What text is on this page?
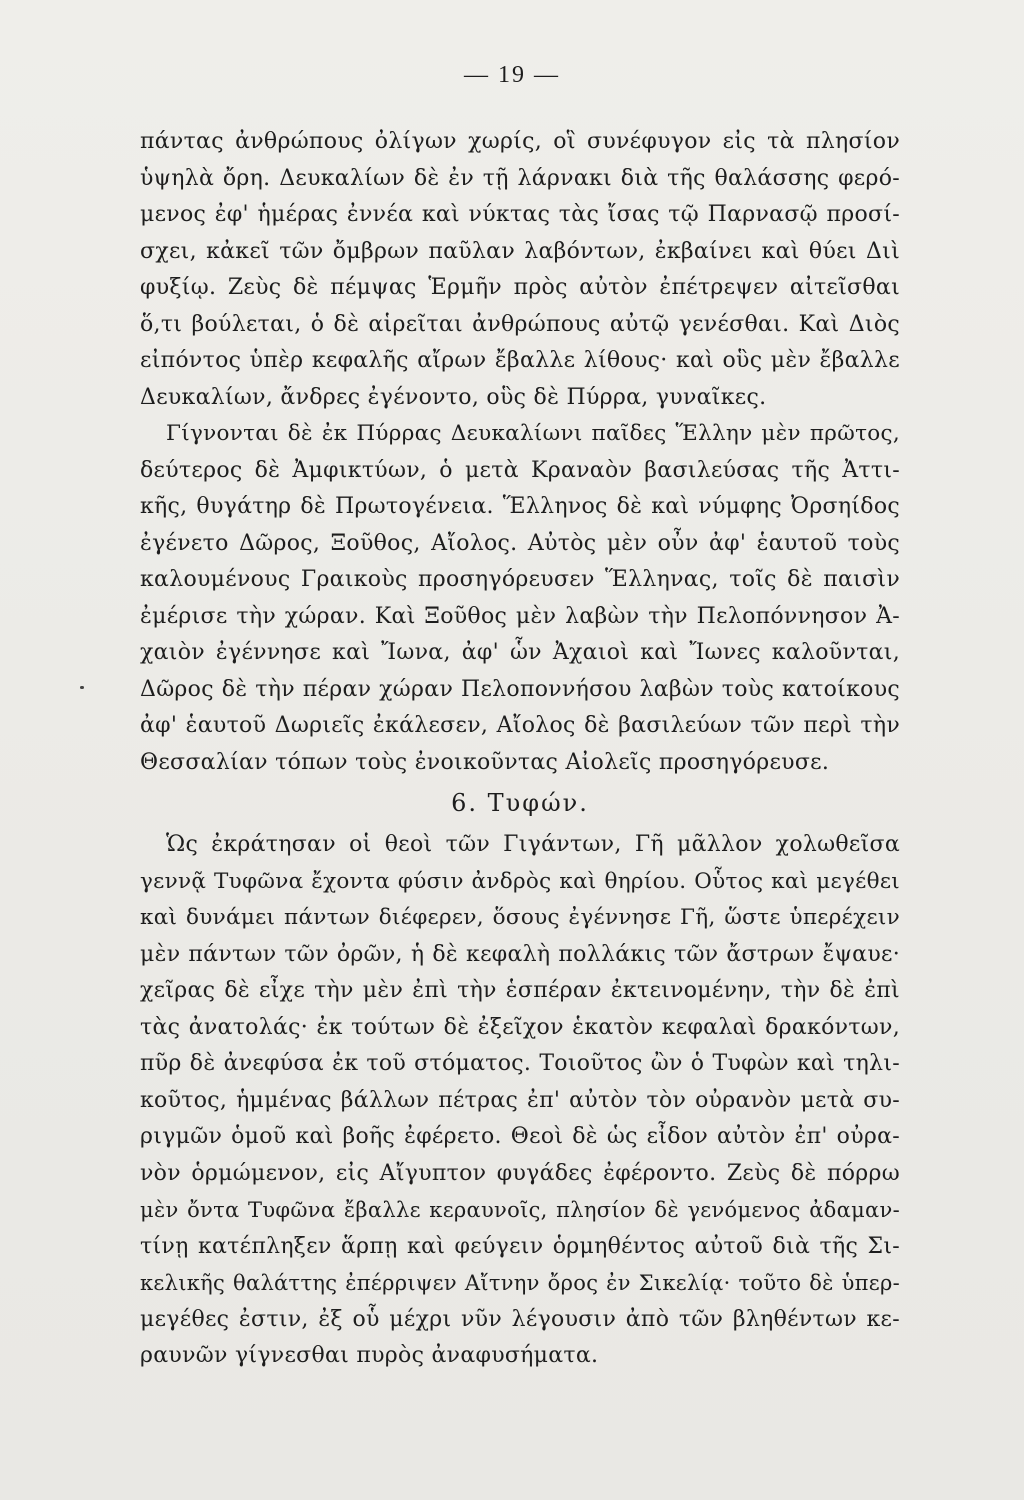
— 19 —
πάντας ἀνθρώπους ὀλίγων χωρίς, οἳ συνέφυγον εἰς τὰ πλησίον
ὑψηλὰ ὄρη. Δευκαλίων δὲ ἐν τῇ λάρνακι διὰ τῆς θαλάσσης φερό-
μενος ἐφ' ἡμέρας ἐννέα καὶ νύκτας τὰς ἴσας τῷ Παρνασῷ προσί-
σχει, κἀκεῖ τῶν ὄμβρων παῦλαν λαβόντων, ἐκβαίνει καὶ θύει Διὶ
φυξίῳ. Ζεὺς δὲ πέμψας Ἑρμῆν πρὸς αὐτὸν ἐπέτρεψεν αἰτεῖσθαι
ὅ,τι βούλεται, ὁ δὲ αἱρεῖται ἀνθρώπους αὐτῷ γενέσθαι. Καὶ Διὸς
εἰπόντος ὑπὲρ κεφαλῆς αἴρων ἔβαλλε λίθους· καὶ οὓς μὲν ἔβαλλε
Δευκαλίων, ἄνδρες ἐγένοντο, οὓς δὲ Πύρρα, γυναῖκες.
Γίγνονται δὲ ἐκ Πύρρας Δευκαλίωνι παῖδες Ἕλλην μὲν πρῶτος,
δεύτερος δὲ Ἀμφικτύων, ὁ μετὰ Κραναὸν βασιλεύσας τῆς Ἀττι-
κῆς, θυγάτηρ δὲ Πρωτογένεια. Ἕλληνος δὲ καὶ νύμφης Ὀρσηίδος
ἐγένετο Δῶρος, Ξοῦθος, Αἴολος. Αὐτὸς μὲν οὖν ἀφ' ἑαυτοῦ τοὺς
καλουμένους Γραικοὺς προσηγόρευσεν Ἕλληνας, τοῖς δὲ παισὶν
ἐμέρισε τὴν χώραν. Καὶ Ξοῦθος μὲν λαβὼν τὴν Πελοπόννησον Ἀ-
χαιὸν ἐγέννησε καὶ Ἴωνα, ἀφ' ὧν Ἀχαιοὶ καὶ Ἴωνες καλοῦνται,
Δῶρος δὲ τὴν πέραν χώραν Πελοποννήσου λαβὼν τοὺς κατοίκους
ἀφ' ἑαυτοῦ Δωριεῖς ἐκάλεσεν, Αἴολος δὲ βασιλεύων τῶν περὶ τὴν
Θεσσαλίαν τόπων τοὺς ἐνοικοῦντας Αἰολεῖς προσηγόρευσε.
6. Τυφών.
Ὡς ἐκράτησαν οἱ θεοὶ τῶν Γιγάντων, Γῆ μᾶλλον χολωθεῖσα
γεννᾷ Τυφῶνα ἔχοντα φύσιν ἀνδρὸς καὶ θηρίου. Οὗτος καὶ μεγέθει
καὶ δυνάμει πάντων διέφερεν, ὅσους ἐγέννησε Γῆ, ὥστε ὑπερέχειν
μὲν πάντων τῶν ὀρῶν, ἡ δὲ κεφαλὴ πολλάκις τῶν ἄστρων ἔψαυε·
χεῖρας δὲ εἶχε τὴν μὲν ἐπὶ τὴν ἑσπέραν ἐκτεινομένην, τὴν δὲ ἐπὶ
τὰς ἀνατολάς· ἐκ τούτων δὲ ἐξεῖχον ἑκατὸν κεφαλαὶ δρακόντων,
πῦρ δὲ ἀνεφύσα ἐκ τοῦ στόματος. Τοιοῦτος ὢν ὁ Τυφὼν καὶ τηλι-
κοῦτος, ἡμμένας βάλλων πέτρας ἐπ' αὐτὸν τὸν οὐρανὸν μετὰ συ-
ριγμῶν ὁμοῦ καὶ βοῆς ἐφέρετο. Θεοὶ δὲ ὡς εἶδον αὐτὸν ἐπ' οὐρα-
νὸν ὁρμώμενον, εἰς Αἴγυπτον φυγάδες ἐφέροντο. Ζεὺς δὲ πόρρω
μὲν ὄντα Τυφῶνα ἔβαλλε κεραυνοῖς, πλησίον δὲ γενόμενος ἀδαμαν-
τίνῃ κατέπληξεν ἅρπῃ καὶ φεύγειν ὁρμηθέντος αὐτοῦ διὰ τῆς Σι-
κελικῆς θαλάττης ἐπέρριψεν Αἴτνην ὄρος ἐν Σικελίᾳ· τοῦτο δὲ ὑπερ-
μεγέθες ἐστιν, ἐξ οὗ μέχρι νῦν λέγουσιν ἀπὸ τῶν βληθέντων κε-
ραυνῶν γίγνεσθαι πυρὸς ἀναφυσήματα.
